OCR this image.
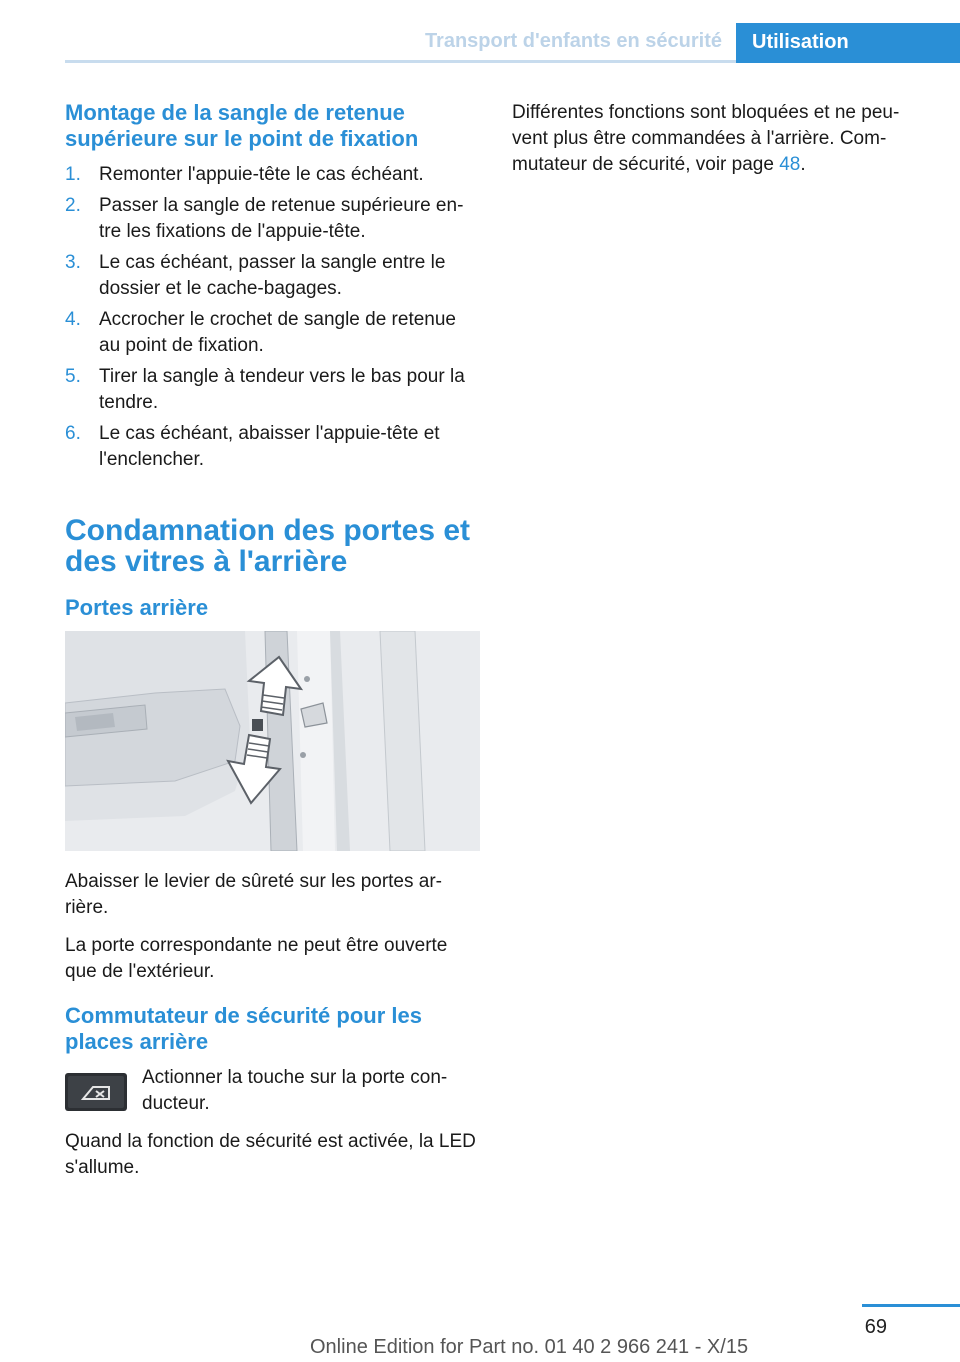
Transport d'enfants en sécurité	Utilisation
Montage de la sangle de retenue supérieure sur le point de fixation
1. Remonter l'appuie-tête le cas échéant.
2. Passer la sangle de retenue supérieure en‐tre les fixations de l'appuie-tête.
3. Le cas échéant, passer la sangle entre le dossier et le cache-bagages.
4. Accrocher le crochet de sangle de retenue au point de fixation.
5. Tirer la sangle à tendeur vers le bas pour la tendre.
6. Le cas échéant, abaisser l'appuie-tête et l'enclencher.
Condamnation des portes et des vitres à l'arrière
Portes arrière

Abaisser le levier de sûreté sur les portes ar‐rière.

La porte correspondante ne peut être ouverte que de l'extérieur.

Commutateur de sécurité pour les places arrière
Actionner la touche sur la porte con‐ducteur.

Quand la fonction de sécurité est activée, la LED s'allume.

Différentes fonctions sont bloquées et ne peu‐vent plus être commandées à l'arrière. Com‐mutateur de sécurité, voir page 48.

69
Online Edition for Part no. 01 40 2 966 241 - X/15
